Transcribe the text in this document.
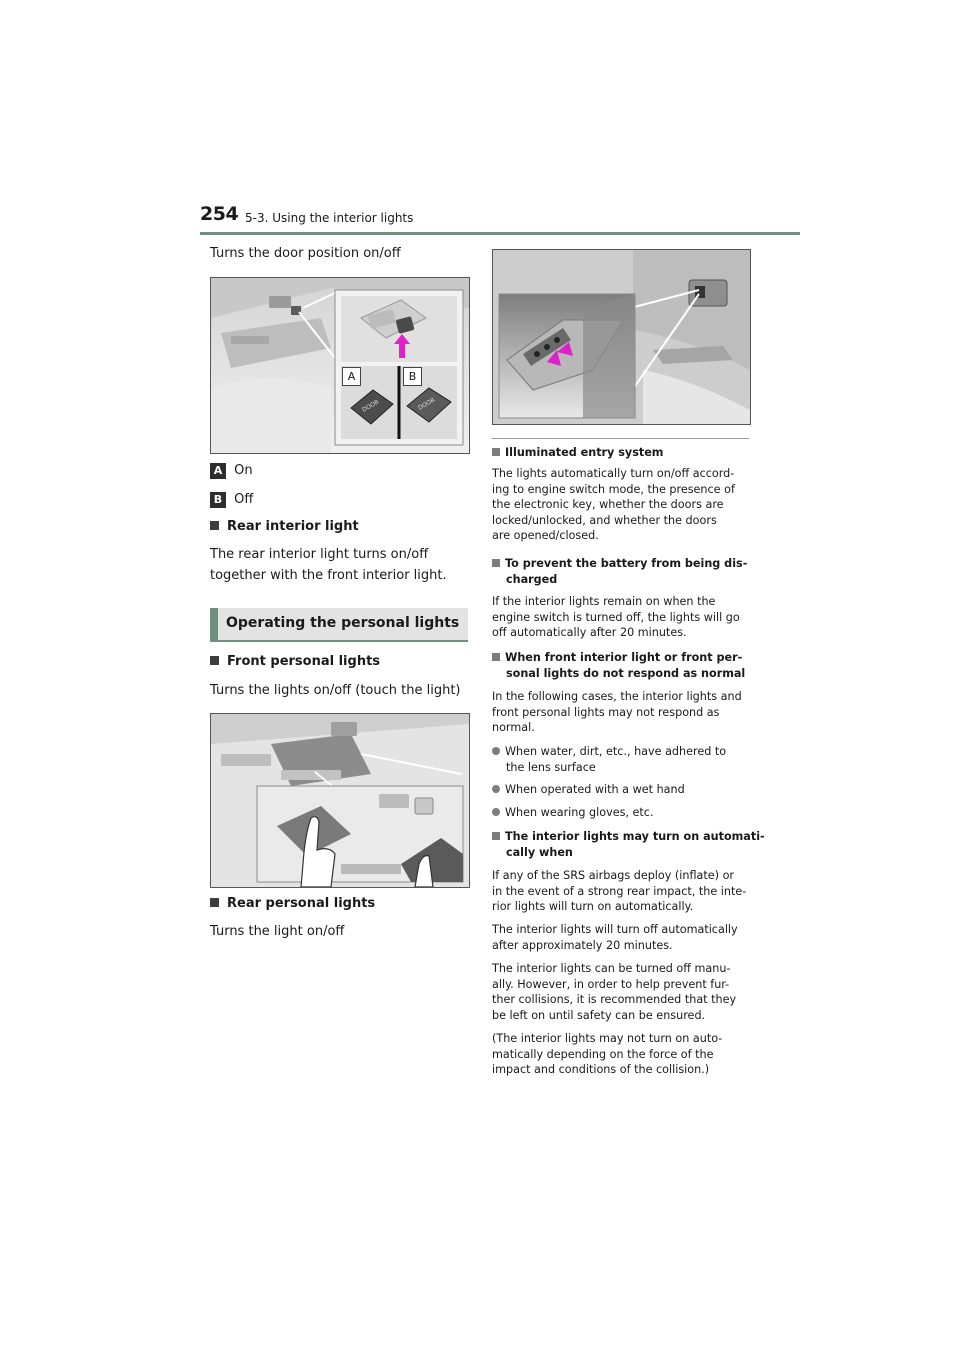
254 5-3. Using the interior lights
Turns the door position on/off
DOOR	DOOR
A	B
A On
B Off
Rear interior light
The rear interior light turns on/off
together with the front interior light.
Operating the personal lights
Front personal lights
Turns the lights on/off (touch the light)
Rear personal lights
Turns the light on/off
Illuminated entry system
The lights automatically turn on/off accord-
ing to engine switch mode, the presence of
the electronic key, whether the doors are
locked/unlocked, and whether the doors
are opened/closed.
To prevent the battery from being dis-
charged
If the interior lights remain on when the
engine switch is turned off, the lights will go
off automatically after 20 minutes.
When front interior light or front per-
sonal lights do not respond as normal
In the following cases, the interior lights and
front personal lights may not respond as
normal.
When water, dirt, etc., have adhered to
the lens surface
When operated with a wet hand
When wearing gloves, etc.
The interior lights may turn on automati-
cally when
If any of the SRS airbags deploy (inflate) or
in the event of a strong rear impact, the inte-
rior lights will turn on automatically.
The interior lights will turn off automatically
after approximately 20 minutes.
The interior lights can be turned off manu-
ally. However, in order to help prevent fur-
ther collisions, it is recommended that they
be left on until safety can be ensured.
(The interior lights may not turn on auto-
matically depending on the force of the
impact and conditions of the collision.)
